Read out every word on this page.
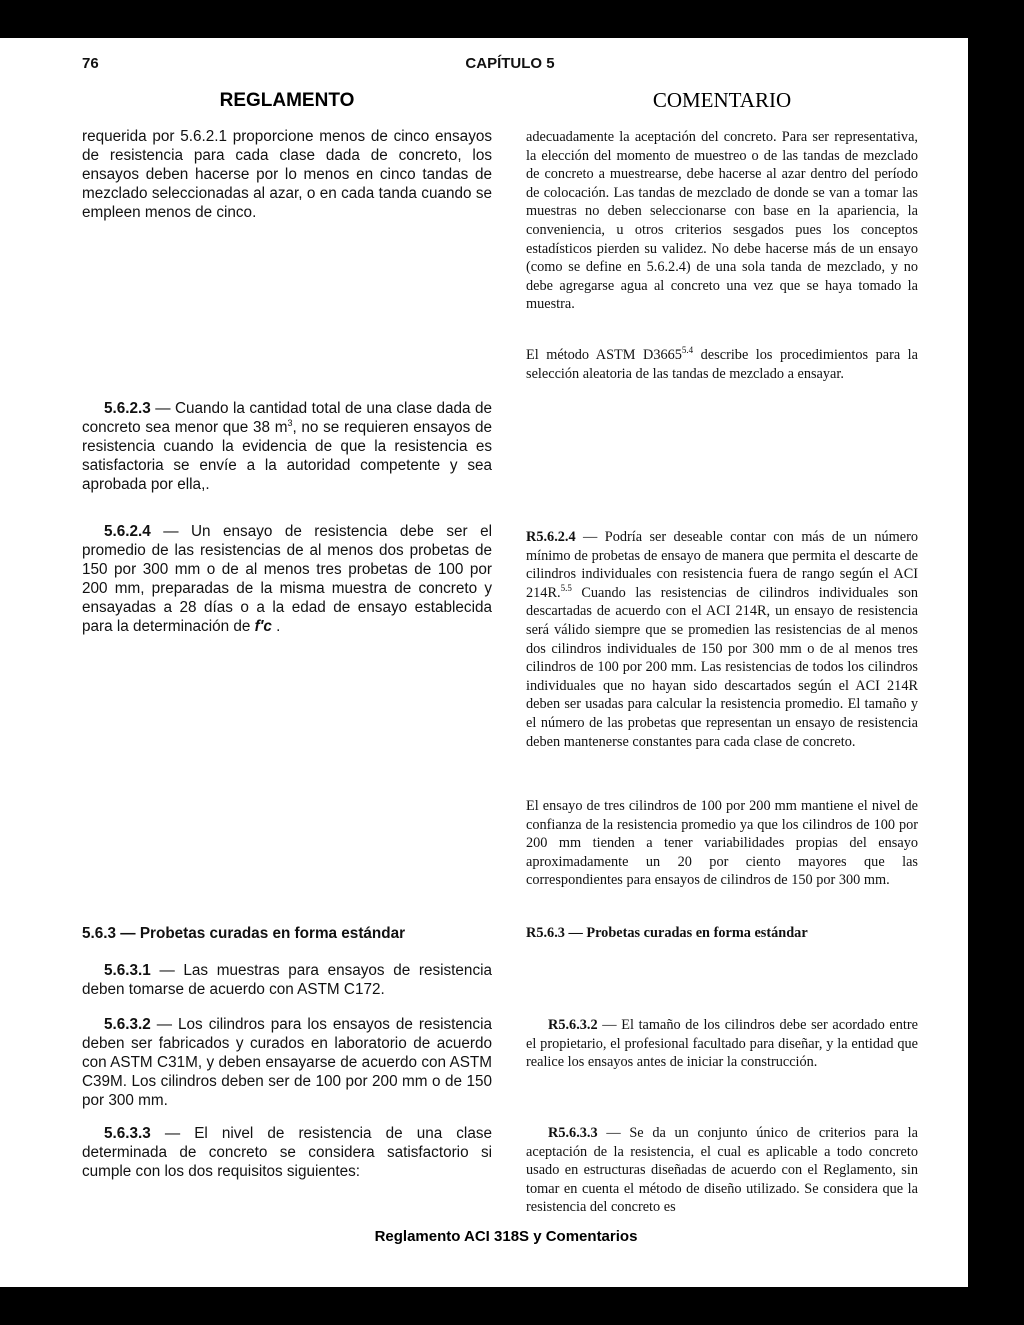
76	CAPÍTULO 5
REGLAMENTO	COMENTARIO

requerida por 5.6.2.1 proporcione menos de cinco ensayos de resistencia para cada clase dada de concreto, los ensayos deben hacerse por lo menos en cinco tandas de mezclado seleccionadas al azar, o en cada tanda cuando se empleen menos de cinco.

5.6.2.3 — Cuando la cantidad total de una clase dada de concreto sea menor que 38 $m^3$, no se requieren ensayos de resistencia cuando la evidencia de que la resistencia es satisfactoria se envíe a la autoridad competente y sea aprobada por ella,.

5.6.2.4 — Un ensayo de resistencia debe ser el promedio de las resistencias de al menos dos probetas de 150 por 300 mm o de al menos tres probetas de 100 por 200 mm, preparadas de la misma muestra de concreto y ensayadas a 28 días o a la edad de ensayo establecida para la determinación de f′c .

5.6.3 — Probetas curadas en forma estándar

5.6.3.1 — Las muestras para ensayos de resistencia deben tomarse de acuerdo con ASTM C172.

5.6.3.2 — Los cilindros para los ensayos de resistencia deben ser fabricados y curados en laboratorio de acuerdo con ASTM C31M, y deben ensayarse de acuerdo con ASTM C39M. Los cilindros deben ser de 100 por 200 mm o de 150 por 300 mm.

5.6.3.3 — El nivel de resistencia de una clase determinada de concreto se considera satisfactorio si cumple con los dos requisitos siguientes:

adecuadamente la aceptación del concreto. Para ser representativa, la elección del momento de muestreo o de las tandas de mezclado de concreto a muestrearse, debe hacerse al azar dentro del período de colocación. Las tandas de mezclado de donde se van a tomar las muestras no deben seleccionarse con base en la apariencia, la conveniencia, u otros criterios sesgados pues los conceptos estadísticos pierden su validez. No debe hacerse más de un ensayo (como se define en 5.6.2.4) de una sola tanda de mezclado, y no debe agregarse agua al concreto una vez que se haya tomado la muestra.

El método ASTM $D3665^{5.4}$ describe los procedimientos para la selección aleatoria de las tandas de mezclado a ensayar.

R5.6.2.4 — Podría ser deseable contar con más de un número mínimo de probetas de ensayo de manera que permita el descarte de cilindros individuales con resistencia fuera de rango según el ACI 214R.$^{5.5}$ Cuando las resistencias de cilindros individuales son descartadas de acuerdo con el ACI 214R, un ensayo de resistencia será válido siempre que se promedien las resistencias de al menos dos cilindros individuales de 150 por 300 mm o de al menos tres cilindros de 100 por 200 mm. Las resistencias de todos los cilindros individuales que no hayan sido descartados según el ACI 214R deben ser usadas para calcular la resistencia promedio. El tamaño y el número de las probetas que representan un ensayo de resistencia deben mantenerse constantes para cada clase de concreto.

El ensayo de tres cilindros de 100 por 200 mm mantiene el nivel de confianza de la resistencia promedio ya que los cilindros de 100 por 200 mm tienden a tener variabilidades propias del ensayo aproximadamente un 20 por ciento mayores que las correspondientes para ensayos de cilindros de 150 por 300 mm.

R5.6.3 — Probetas curadas en forma estándar

R5.6.3.2 — El tamaño de los cilindros debe ser acordado entre el propietario, el profesional facultado para diseñar, y la entidad que realice los ensayos antes de iniciar la construcción.

R5.6.3.3 — Se da un conjunto único de criterios para la aceptación de la resistencia, el cual es aplicable a todo concreto usado en estructuras diseñadas de acuerdo con el Reglamento, sin tomar en cuenta el método de diseño utilizado. Se considera que la resistencia del concreto es

Reglamento ACI 318S y Comentarios
